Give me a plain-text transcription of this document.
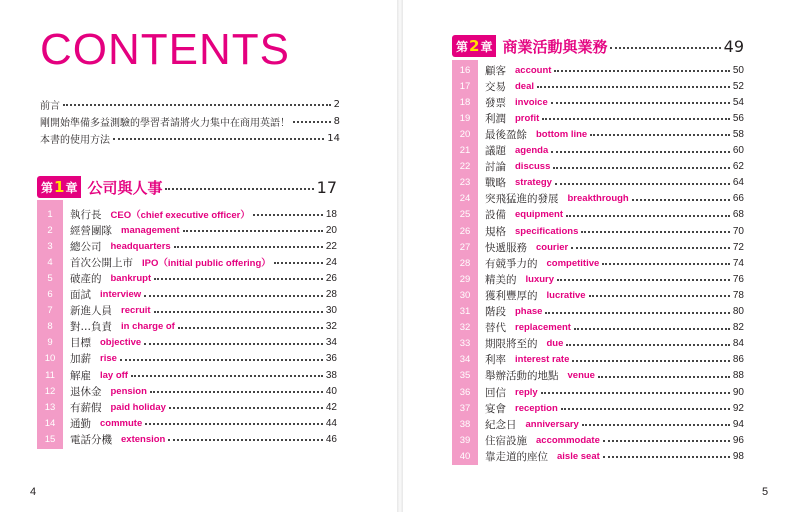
CONTENTS
前言	2
剛開始準備多益測驗的學習者請將火力集中在商用英語！	8
本書的使用方法	14
第 1 章 公司與人事	17
1	執行長 CEO（chief executive officer）	18
2	經營團隊 management	20
3	總公司 headquarters	22
4	首次公開上市 IPO（initial public offering）	24
5	破產的 bankrupt	26
6	面試 interview	28
7	新進人員 recruit	30
8	對…負責 in charge of	32
9	目標 objective	34
10	加薪 rise	36
11	解雇 lay off	38
12	退休金 pension	40
13	有薪假 paid holiday	42
14	通勤 commute	44
15	電話分機 extension	46
第 2 章 商業活動與業務	49
16	顧客 account	50
17	交易 deal	52
18	發票 invoice	54
19	利潤 profit	56
20	最後盈餘 bottom line	58
21	議題 agenda	60
22	討論 discuss	62
23	戰略 strategy	64
24	突飛猛進的發展 breakthrough	66
25	設備 equipment	68
26	規格 specifications	70
27	快遞服務 courier	72
28	有競爭力的 competitive	74
29	精美的 luxury	76
30	獲利豐厚的 lucrative	78
31	階段 phase	80
32	替代 replacement	82
33	期限將至的 due	84
34	利率 interest rate	86
35	舉辦活動的地點 venue	88
36	回信 reply	90
37	宴會 reception	92
38	紀念日 anniversary	94
39	住宿設施 accommodate	96
40	靠走道的座位 aisle seat	98
4	5
